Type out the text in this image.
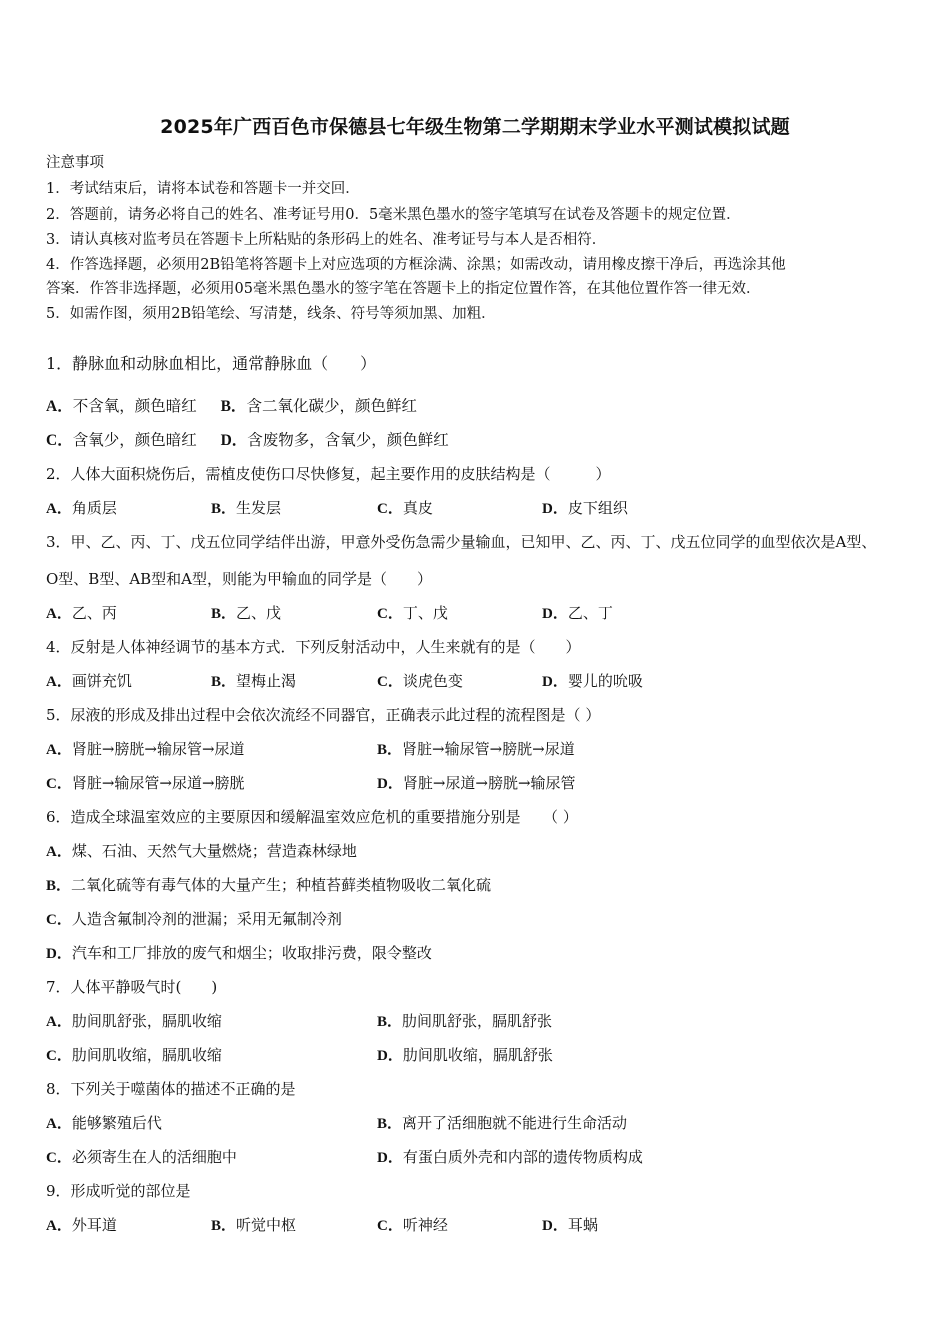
2025年广西百色市保德县七年级生物第二学期期末学业水平测试模拟试题
注意事项
1．考试结束后，请将本试卷和答题卡一并交回．
2．答题前，请务必将自己的姓名、准考证号用0．5毫米黑色墨水的签字笔填写在试卷及答题卡的规定位置．
3．请认真核对监考员在答题卡上所粘贴的条形码上的姓名、准考证号与本人是否相符．
4．作答选择题，必须用2B铅笔将答题卡上对应选项的方框涂满、涂黑；如需改动，请用橡皮擦干净后，再选涂其他
答案．作答非选择题，必须用05毫米黑色墨水的签字笔在答题卡上的指定位置作答，在其他位置作答一律无效．
5．如需作图，须用2B铅笔绘、写清楚，线条、符号等须加黑、加粗．
1．静脉血和动脉血相比，通常静脉血（　　）
A．不含氧，颜色暗红 B．含二氧化碳少，颜色鲜红
C．含氧少，颜色暗红 D．含废物多，含氧少，颜色鲜红
2．人体大面积烧伤后，需植皮使伤口尽快修复，起主要作用的皮肤结构是（　　　）
A．角质层	B．生发层	C．真皮	D．皮下组织
3．甲、乙、丙、丁、戊五位同学结伴出游，甲意外受伤急需少量输血，已知甲、乙、丙、丁、戊五位同学的血型依次是A型、
O型、B型、AB型和A型，则能为甲输血的同学是（　　）
A．乙、丙	B．乙、戊	C．丁、戊	D．乙、丁
4．反射是人体神经调节的基本方式．下列反射活动中，人生来就有的是（　　）
A．画饼充饥	B．望梅止渴	C．谈虎色变	D．婴儿的吮吸
5．尿液的形成及排出过程中会依次流经不同器官，正确表示此过程的流程图是（ ）
A．肾脏→膀胱→输尿管→尿道	B．肾脏→输尿管→膀胱→尿道
C．肾脏→输尿管→尿道→膀胱	D．肾脏→尿道→膀胱→输尿管
6．造成全球温室效应的主要原因和缓解温室效应危机的重要措施分别是　　（ ）
A．煤、石油、天然气大量燃烧；营造森林绿地
B．二氧化硫等有毒气体的大量产生；种植苔藓类植物吸收二氧化硫
C．人造含氟制冷剂的泄漏；采用无氟制冷剂
D．汽车和工厂排放的废气和烟尘；收取排污费，限令整改
7．人体平静吸气时(　　)
A．肋间肌舒张，膈肌收缩	B．肋间肌舒张，膈肌舒张
C．肋间肌收缩，膈肌收缩	D．肋间肌收缩，膈肌舒张
8．下列关于噬菌体的描述不正确的是
A．能够繁殖后代	B．离开了活细胞就不能进行生命活动
C．必须寄生在人的活细胞中	D．有蛋白质外壳和内部的遗传物质构成
9．形成听觉的部位是
A．外耳道	B．听觉中枢	C．听神经	D．耳蜗
